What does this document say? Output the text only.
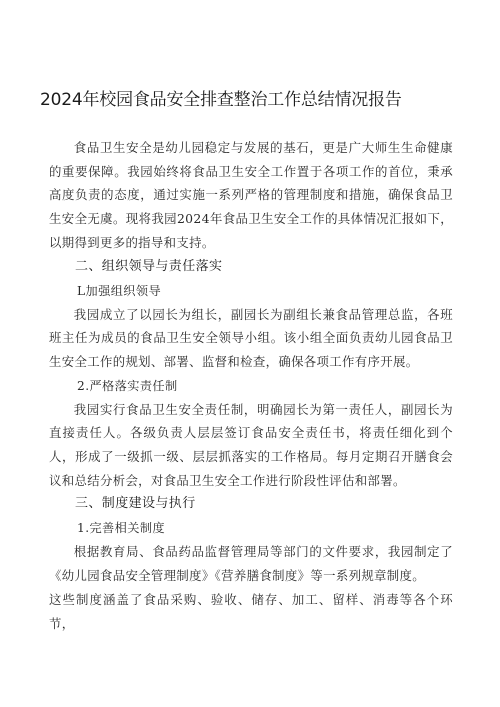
2024年校园食品安全排查整治工作总结情况报告

食品卫生安全是幼儿园稳定与发展的基石，更是广大师生生命健康的重要保障。我园始终将食品卫生安全工作置于各项工作的首位，秉承高度负责的态度，通过实施一系列严格的管理制度和措施，确保食品卫生安全无虞。现将我园2024年食品卫生安全工作的具体情况汇报如下，以期得到更多的指导和支持。

二、组织领导与责任落实
L加强组织领导

我园成立了以园长为组长，副园长为副组长兼食品管理总监，各班班主任为成员的食品卫生安全领导小组。该小组全面负责幼儿园食品卫生安全工作的规划、部署、监督和检查，确保各项工作有序开展。

2.严格落实责任制

我园实行食品卫生安全责任制，明确园长为第一责任人，副园长为直接责任人。各级负责人层层签订食品安全责任书，将责任细化到个人，形成了一级抓一级、层层抓落实的工作格局。每月定期召开膳食会议和总结分析会，对食品卫生安全工作进行阶段性评估和部署。

三、制度建设与执行
1.完善相关制度

根据教育局、食品药品监督管理局等部门的文件要求，我园制定了《幼儿园食品安全管理制度》《营养膳食制度》等一系列规章制度。

这些制度涵盖了食品采购、验收、储存、加工、留样、消毒等各个环节，
